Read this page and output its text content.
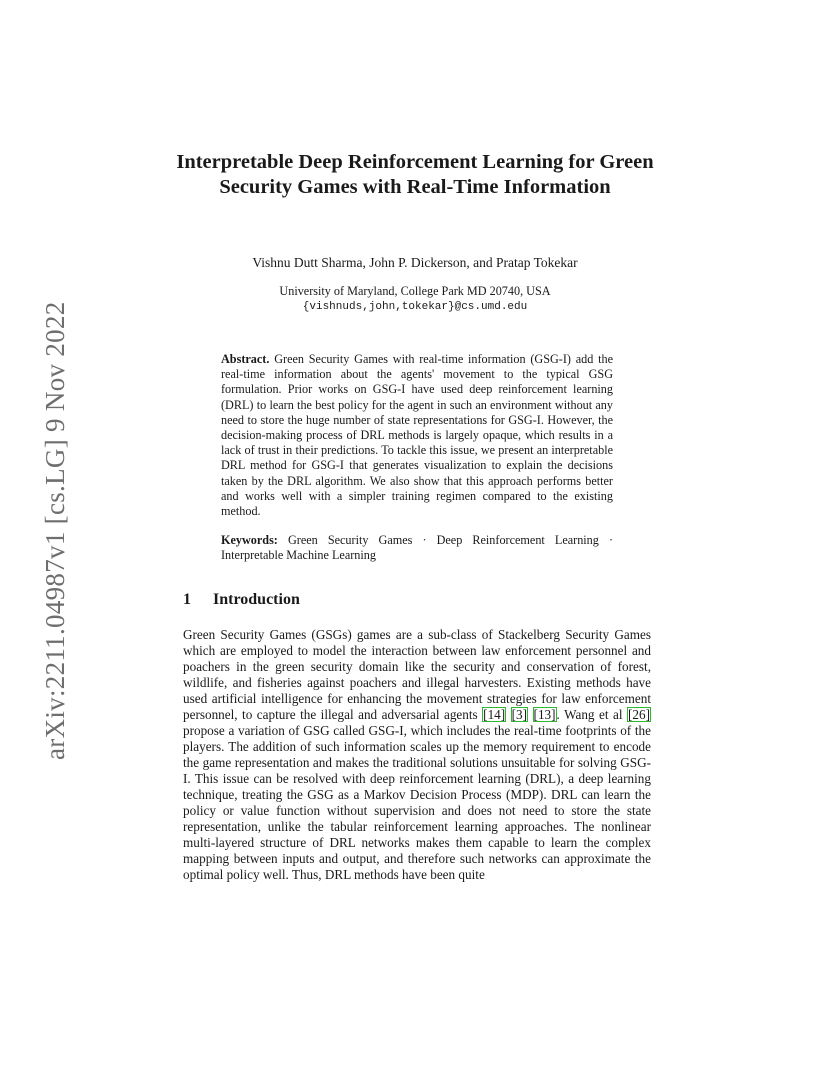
arXiv:2211.04987v1 [cs.LG] 9 Nov 2022
Interpretable Deep Reinforcement Learning for Green Security Games with Real-Time Information
Vishnu Dutt Sharma, John P. Dickerson, and Pratap Tokekar
University of Maryland, College Park MD 20740, USA
{vishnuds,john,tokekar}@cs.umd.edu
Abstract. Green Security Games with real-time information (GSG-I) add the real-time information about the agents' movement to the typical GSG formulation. Prior works on GSG-I have used deep reinforcement learning (DRL) to learn the best policy for the agent in such an environment without any need to store the huge number of state representations for GSG-I. However, the decision-making process of DRL methods is largely opaque, which results in a lack of trust in their predictions. To tackle this issue, we present an interpretable DRL method for GSG-I that generates visualization to explain the decisions taken by the DRL algorithm. We also show that this approach performs better and works well with a simpler training regimen compared to the existing method.
Keywords: Green Security Games · Deep Reinforcement Learning · Interpretable Machine Learning
1 Introduction
Green Security Games (GSGs) games are a sub-class of Stackelberg Security Games which are employed to model the interaction between law enforcement personnel and poachers in the green security domain like the security and conservation of forest, wildlife, and fisheries against poachers and illegal harvesters. Existing methods have used artificial intelligence for enhancing the movement strategies for law enforcement personnel, to capture the illegal and adversarial agents [14] [3] [13]. Wang et al [26] propose a variation of GSG called GSG-I, which includes the real-time footprints of the players. The addition of such information scales up the memory requirement to encode the game representation and makes the traditional solutions unsuitable for solving GSG-I. This issue can be resolved with deep reinforcement learning (DRL), a deep learning technique, treating the GSG as a Markov Decision Process (MDP). DRL can learn the policy or value function without supervision and does not need to store the state representation, unlike the tabular reinforcement learning approaches. The nonlinear multi-layered structure of DRL networks makes them capable to learn the complex mapping between inputs and output, and therefore such networks can approximate the optimal policy well. Thus, DRL methods have been quite
